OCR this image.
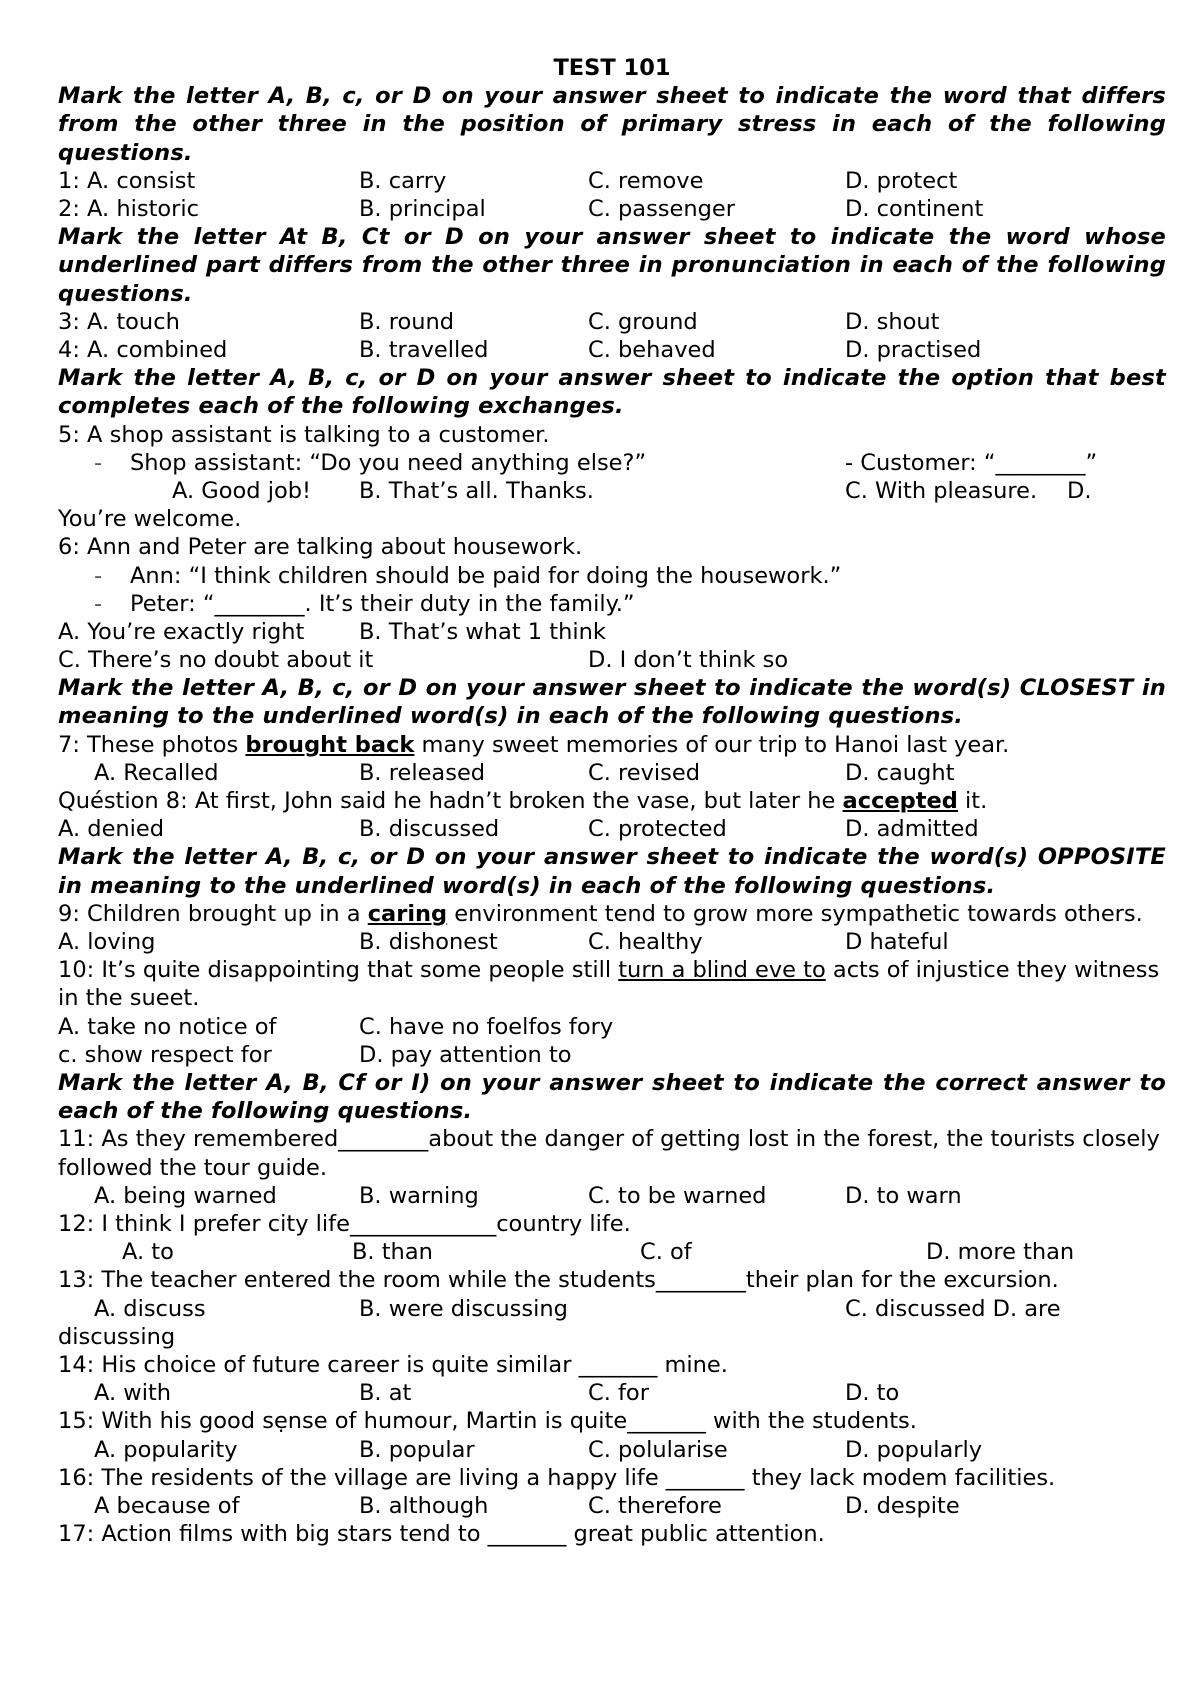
TEST 101
Mark the letter A, B, c, or D on your answer sheet to indicate the word that differs from the other three in the position of primary stress in each of the following questions.
1: A. consist	B. carry	C. remove	D. protect
2: A. historic	B. principal	C. passenger	D. continent
Mark the letter At B, Ct or D on your answer sheet to indicate the word whose underlined part differs from the other three in pronunciation in each of the following questions.
3: A. touch	B. round	C. ground	D. shout
4: A. combined	B. travelled	C. behaved	D. practised
Mark the letter A, B, c, or D on your answer sheet to indicate the option that best completes each of the following exchanges.
5: A shop assistant is talking to a customer.
- Shop assistant: “Do you need anything else?”	- Customer: “________”
A. Good job! B. That’s all. Thanks.	C. With pleasure. D.
You’re welcome.
6: Ann and Peter are talking about housework.
- Ann: “I think children should be paid for doing the housework.”
- Peter: “________. It’s their duty in the family.”
A. You’re exactly right B. That’s what 1 think
C. There’s no doubt about it	D. I don’t think so
Mark the letter A, B, c, or D on your answer sheet to indicate the word(s) CLOSEST in meaning to the underlined word(s) in each of the following questions.
7: These photos brought back many sweet memories of our trip to Hanoi last year.
A. Recalled	B. released	C. revised	D. caught
Quéstion 8: At first, John said he hadn’t broken the vase, but later he accepted it.
A. denied	B. discussed	C. protected	D. admitted
Mark the letter A, B, c, or D on your answer sheet to indicate the word(s) OPPOSITE in meaning to the underlined word(s) in each of the following questions.
9: Children brought up in a caring environment tend to grow more sympathetic towards others.
A. loving	B. dishonest	C. healthy	D hateful
10: It’s quite disappointing that some people still turn a blind eve to acts of injustice they witness in the sueet.
A. take no notice of	C. have no foelfos fory
c. show respect for	D. pay attention to
Mark the letter A, B, Cf or I) on your answer sheet to indicate the correct answer to each of the following questions.
11: As they remembered________about the danger of getting lost in the forest, the tourists closely followed the tour guide.
A. being warned	B. warning	C. to be warned	D. to warn
12: I think I prefer city life_____________country life.
A. to	B. than	C. of	D. more than
13: The teacher entered the room while the students________their plan for the excursion.
A. discuss	B. were discussing	C. discussed D. are
discussing
14: His choice of future career is quite similar _______ mine.
A. with	B. at	C. for	D. to
15: With his good sẹnse of humour, Martin is quite_______ with the students.
A. popularity	B. popular	C. polularise	D. popularly
16: The residents of the village are living a happy life _______ they lack modem facilities.
A because of	B. although	C. therefore	D. despite
17: Action films with big stars tend to _______ great public attention.
